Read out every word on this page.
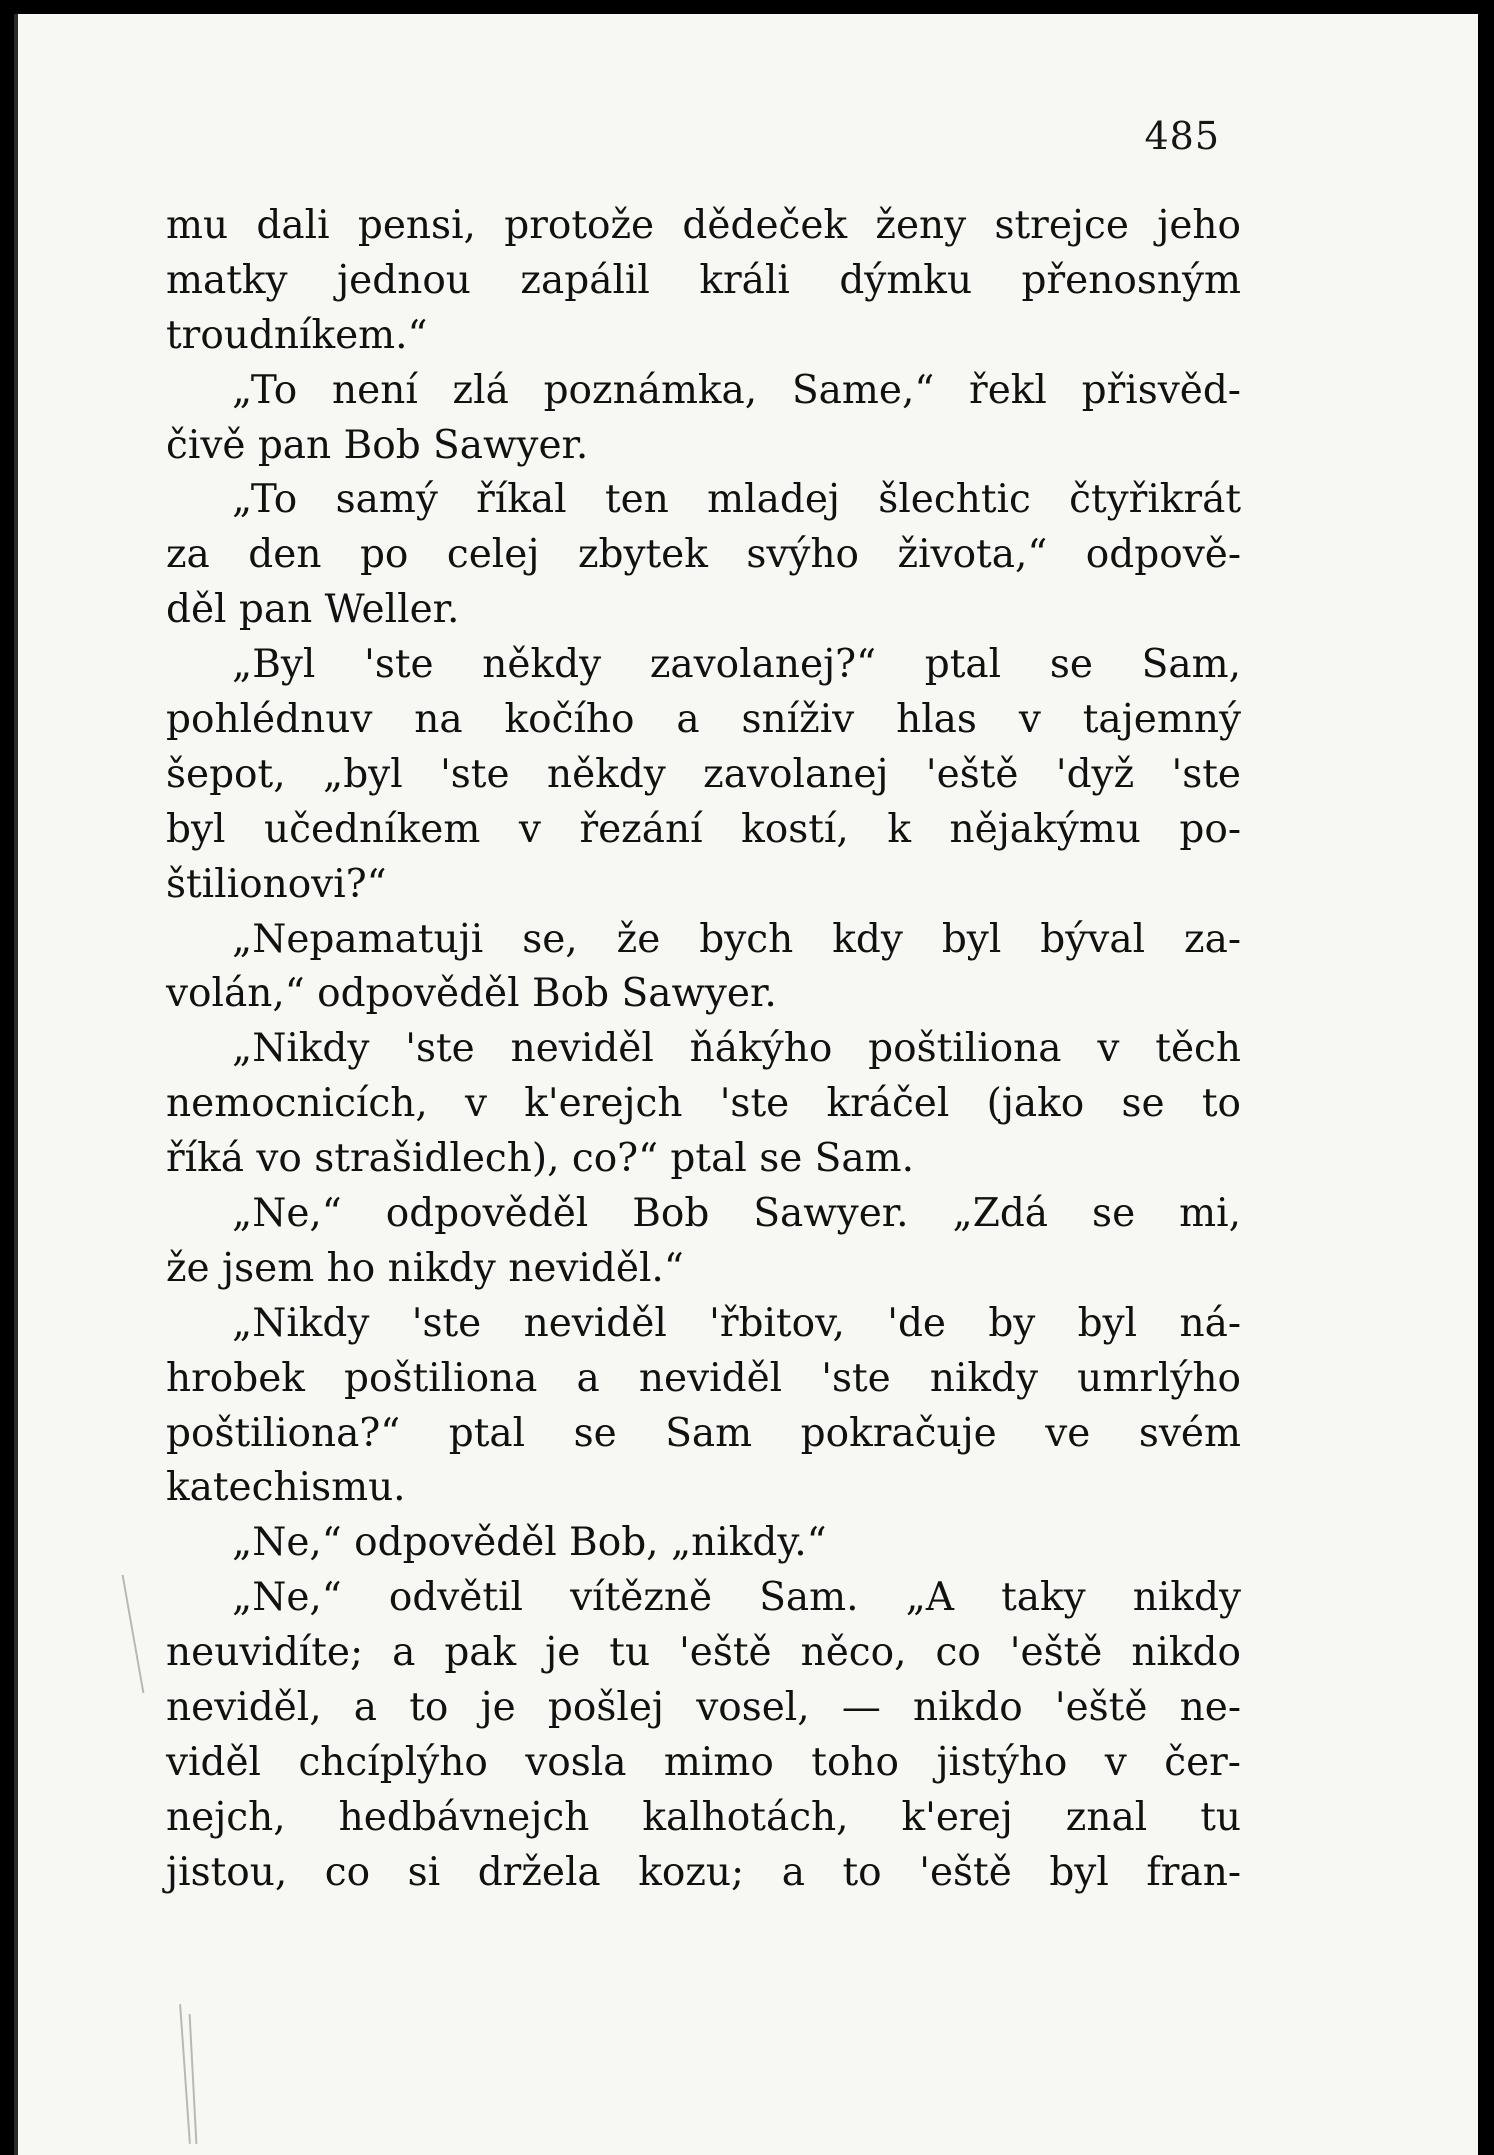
485
mu dali pensi, protože dědeček ženy strejce jeho
matky jednou zapálil králi dýmku přenosným
troudníkem.“
„To není zlá poznámka, Same,“ řekl přisvěd-
čivě pan Bob Sawyer.
„To samý říkal ten mladej šlechtic čtyřikrát
za den po celej zbytek svýho života,“ odpově-
děl pan Weller.
„Byl 'ste někdy zavolanej?“ ptal se Sam,
pohlédnuv na kočího a sníživ hlas v tajemný
šepot, „byl 'ste někdy zavolanej 'eště 'dyž 'ste
byl učedníkem v řezání kostí, k nějakýmu po-
štilionovi?“
„Nepamatuji se, že bych kdy byl býval za-
volán,“ odpověděl Bob Sawyer.
„Nikdy 'ste neviděl ňákýho poštiliona v těch
nemocnicích, v k'erejch 'ste kráčel (jako se to
říká vo strašidlech), co?“ ptal se Sam.
„Ne,“ odpověděl Bob Sawyer. „Zdá se mi,
že jsem ho nikdy neviděl.“
„Nikdy 'ste neviděl 'řbitov, 'de by byl ná-
hrobek poštiliona a neviděl 'ste nikdy umrlýho
poštiliona?“ ptal se Sam pokračuje ve svém
katechismu.
„Ne,“ odpověděl Bob, „nikdy.“
„Ne,“ odvětil vítězně Sam. „A taky nikdy
neuvidíte; a pak je tu 'eště něco, co 'eště nikdo
neviděl, a to je pošlej vosel, — nikdo 'eště ne-
viděl chcíplýho vosla mimo toho jistýho v čer-
nejch, hedbávnejch kalhotách, k'erej znal tu
jistou, co si držela kozu; a to 'eště byl fran-
